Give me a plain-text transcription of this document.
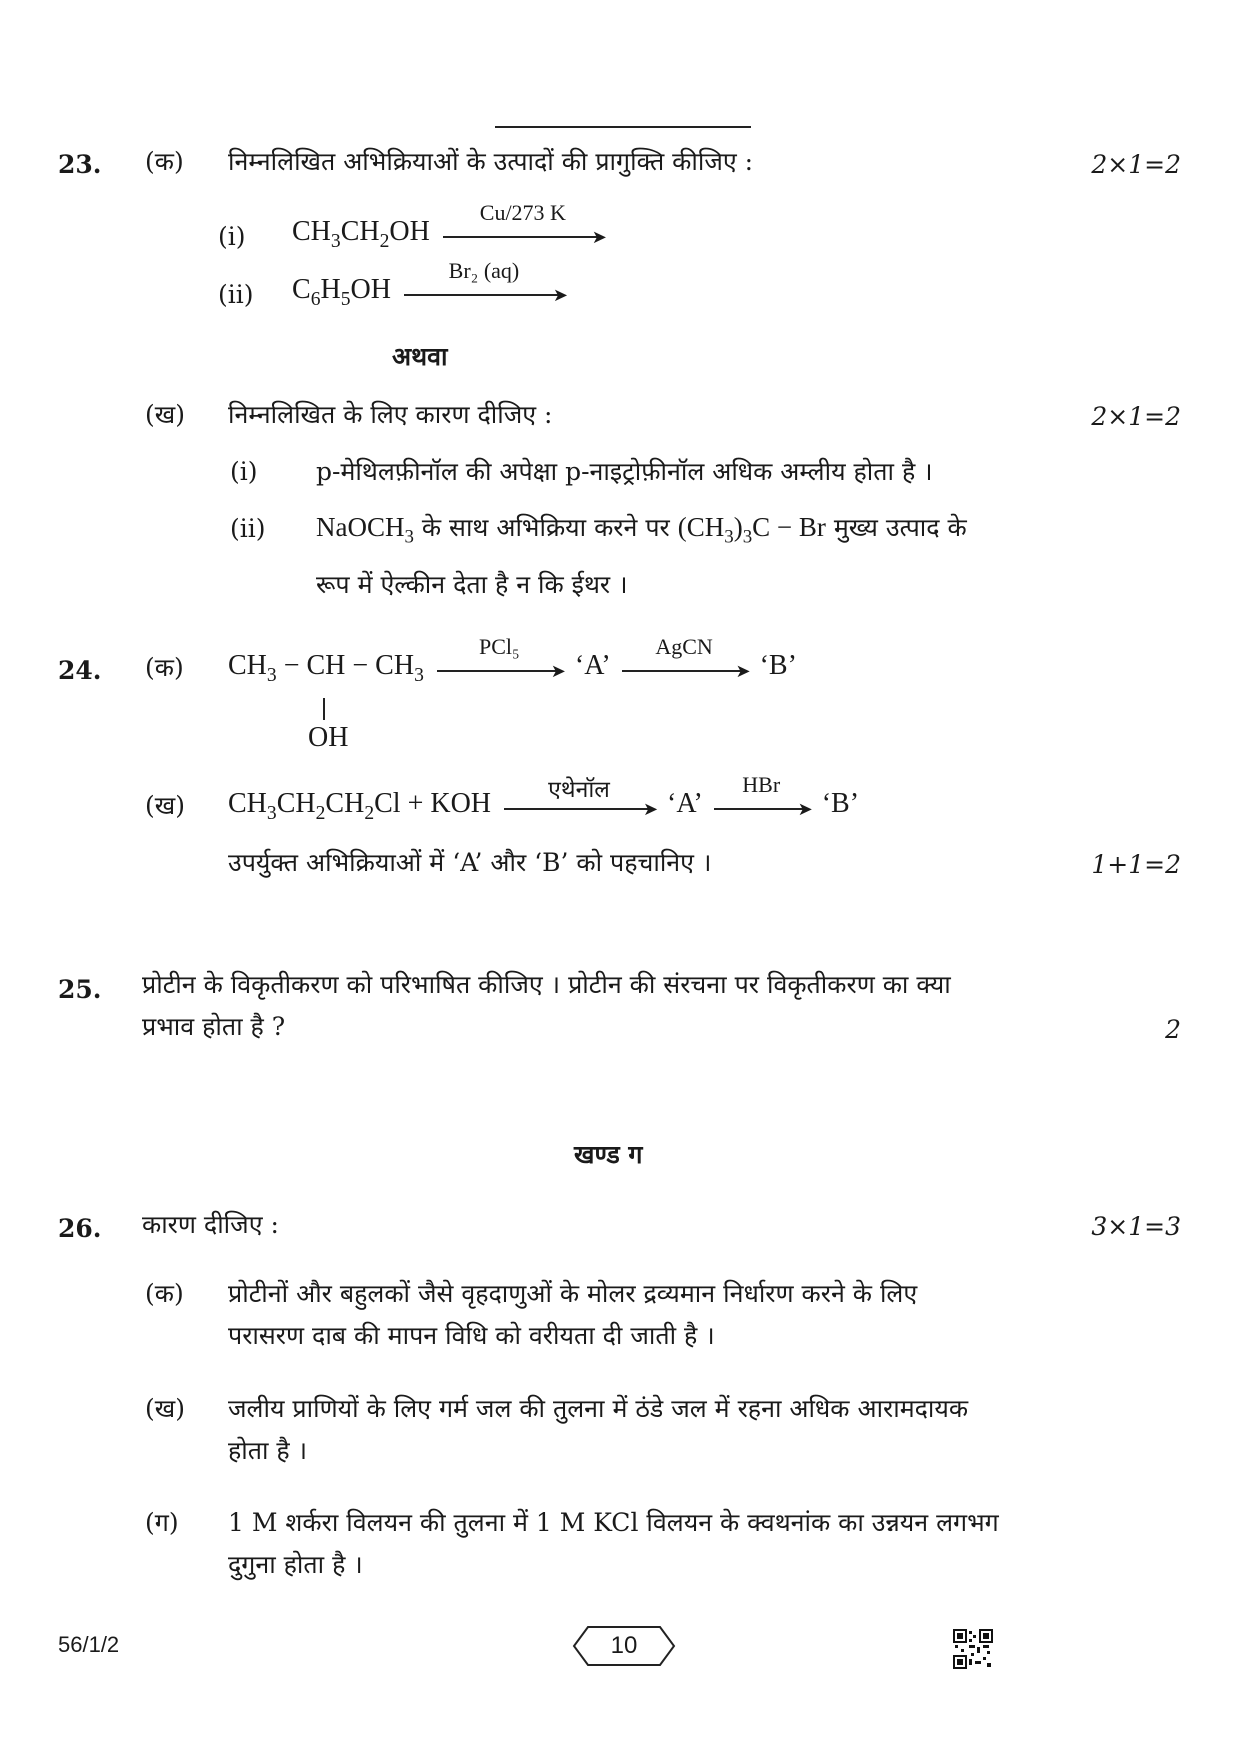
23. (क) निम्नलिखित अभिक्रियाओं के उत्पादों की प्रागुक्ति कीजिए :	2×1=2
(i) $CH_3CH_2OH$
Cu/273 K
➤
(ii) $C_6H_5OH$
Br₂ (aq)
➤
अथवा
(ख) निम्नलिखित के लिए कारण दीजिए :	2×1=2
(i) p-मेथिलफ़ीनॉल की अपेक्षा p-नाइट्रोफ़ीनॉल अधिक अम्लीय होता है ।
(ii) NaOCH$_3$ के साथ अभिक्रिया करने पर $(CH_3)_3C - Br$ मुख्य उत्पाद के
रूप में ऐल्कीन देता है न कि ईथर ।
24. (क) $CH_3$ − CH − $CH_3$
PCl₅
➤ ‘A’
AgCN
➤ ‘B’
OH
(ख) $CH_3CH_2CH_2Cl$ + KOH	एथेनॉल
➤ ‘A’
HBr
➤ ‘B’
उपर्युक्त अभिक्रियाओं में ‘A’ और ‘B’ को पहचानिए ।	1+1=2
25. प्रोटीन के विकृतीकरण को परिभाषित कीजिए । प्रोटीन की संरचना पर विकृतीकरण का क्या
प्रभाव होता है ?	2
खण्ड ग
26. कारण दीजिए :	3×1=3
(क) प्रोटीनों और बहुलकों जैसे वृहदाणुओं के मोलर द्रव्यमान निर्धारण करने के लिए
परासरण दाब की मापन विधि को वरीयता दी जाती है ।
(ख) जलीय प्राणियों के लिए गर्म जल की तुलना में ठंडे जल में रहना अधिक आरामदायक
होता है ।
(ग) 1 M शर्करा विलयन की तुलना में 1 M KCl विलयन के क्वथनांक का उन्नयन लगभग
दुगुना होता है ।
56/1/2	10
